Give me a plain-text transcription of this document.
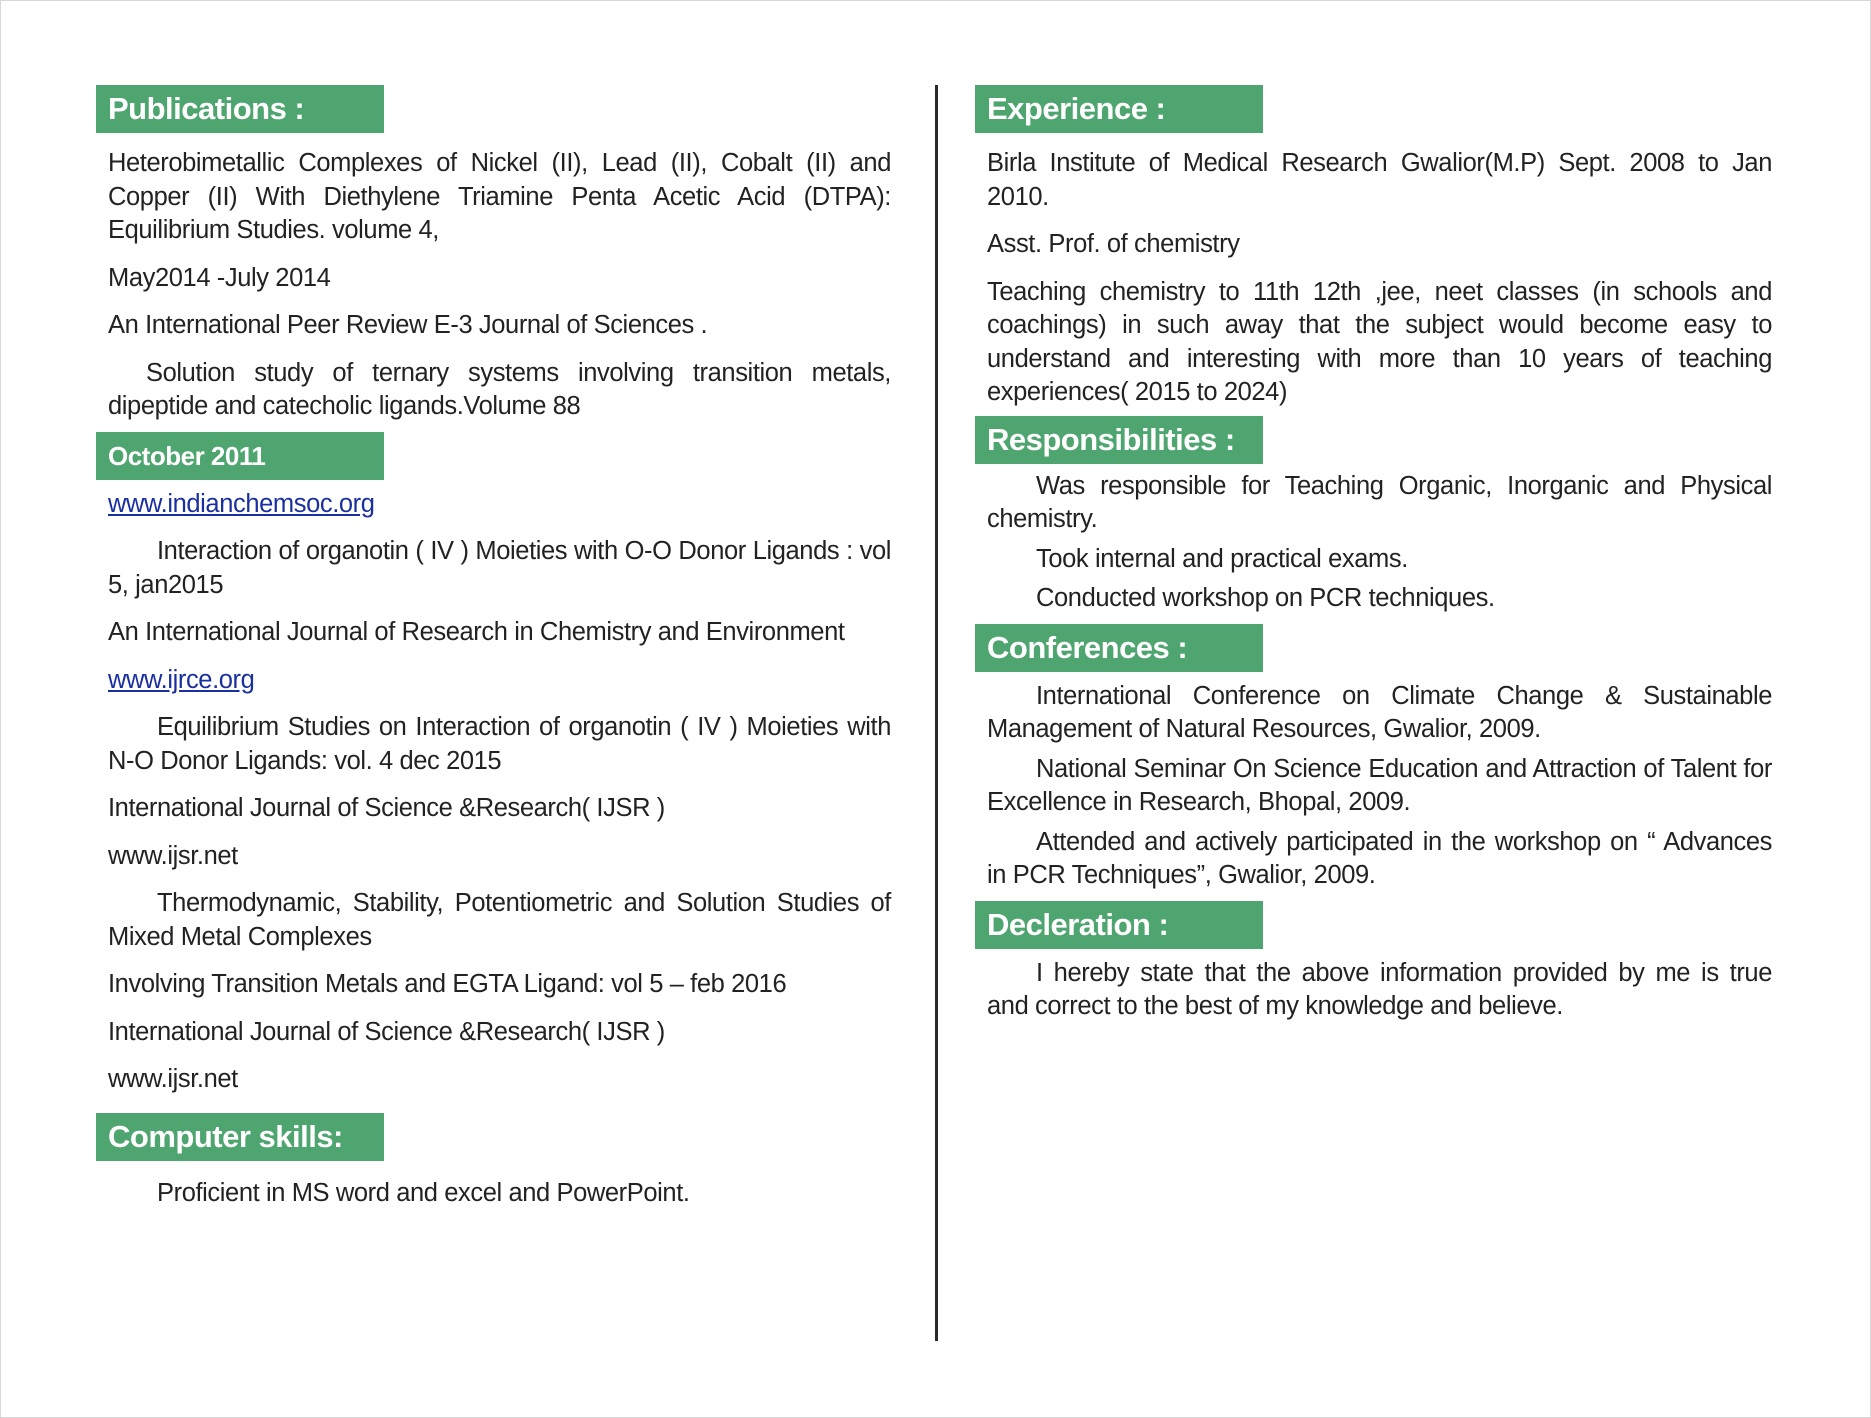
Publications :
Heterobimetallic Complexes of Nickel (II), Lead (II), Cobalt (II) and Copper (II) With Diethylene Triamine Penta Acetic Acid (DTPA): Equilibrium Studies. volume 4,
May2014 -July 2014
An International Peer Review E-3 Journal of Sciences .
Solution study of ternary systems involving transition metals, dipeptide and catecholic ligands.Volume 88
October 2011
www.indianchemsoc.org
Interaction of organotin ( IV ) Moieties with O-O Donor Ligands : vol 5, jan2015
An International Journal of Research in Chemistry and Environment
www.ijrce.org
Equilibrium Studies on Interaction of organotin ( IV ) Moieties with N-O Donor Ligands: vol. 4 dec 2015
International Journal of Science &Research( IJSR )
www.ijsr.net
Thermodynamic, Stability, Potentiometric and Solution Studies of Mixed Metal Complexes
Involving Transition Metals and EGTA Ligand: vol 5 – feb 2016
International Journal of Science &Research( IJSR )
www.ijsr.net
Computer skills:
Proficient in MS word and excel and PowerPoint.
Experience :
Birla Institute of Medical Research Gwalior(M.P) Sept. 2008 to Jan 2010.
Asst. Prof. of chemistry
Teaching chemistry to 11th 12th ,jee, neet classes (in schools and coachings) in such away that the subject would become easy to understand and interesting with more than 10 years of teaching experiences( 2015 to 2024)
Responsibilities :
Was responsible for Teaching Organic, Inorganic and Physical chemistry.
Took internal and practical exams.
Conducted workshop on PCR techniques.
Conferences :
International Conference on Climate Change & Sustainable Management of Natural Resources, Gwalior, 2009.
National Seminar On Science Education and Attraction of Talent for Excellence in Research, Bhopal, 2009.
Attended and actively participated in the workshop on “ Advances in PCR Techniques”, Gwalior, 2009.
Decleration :
I hereby state that the above information provided by me is true and correct to the best of my knowledge and believe.
